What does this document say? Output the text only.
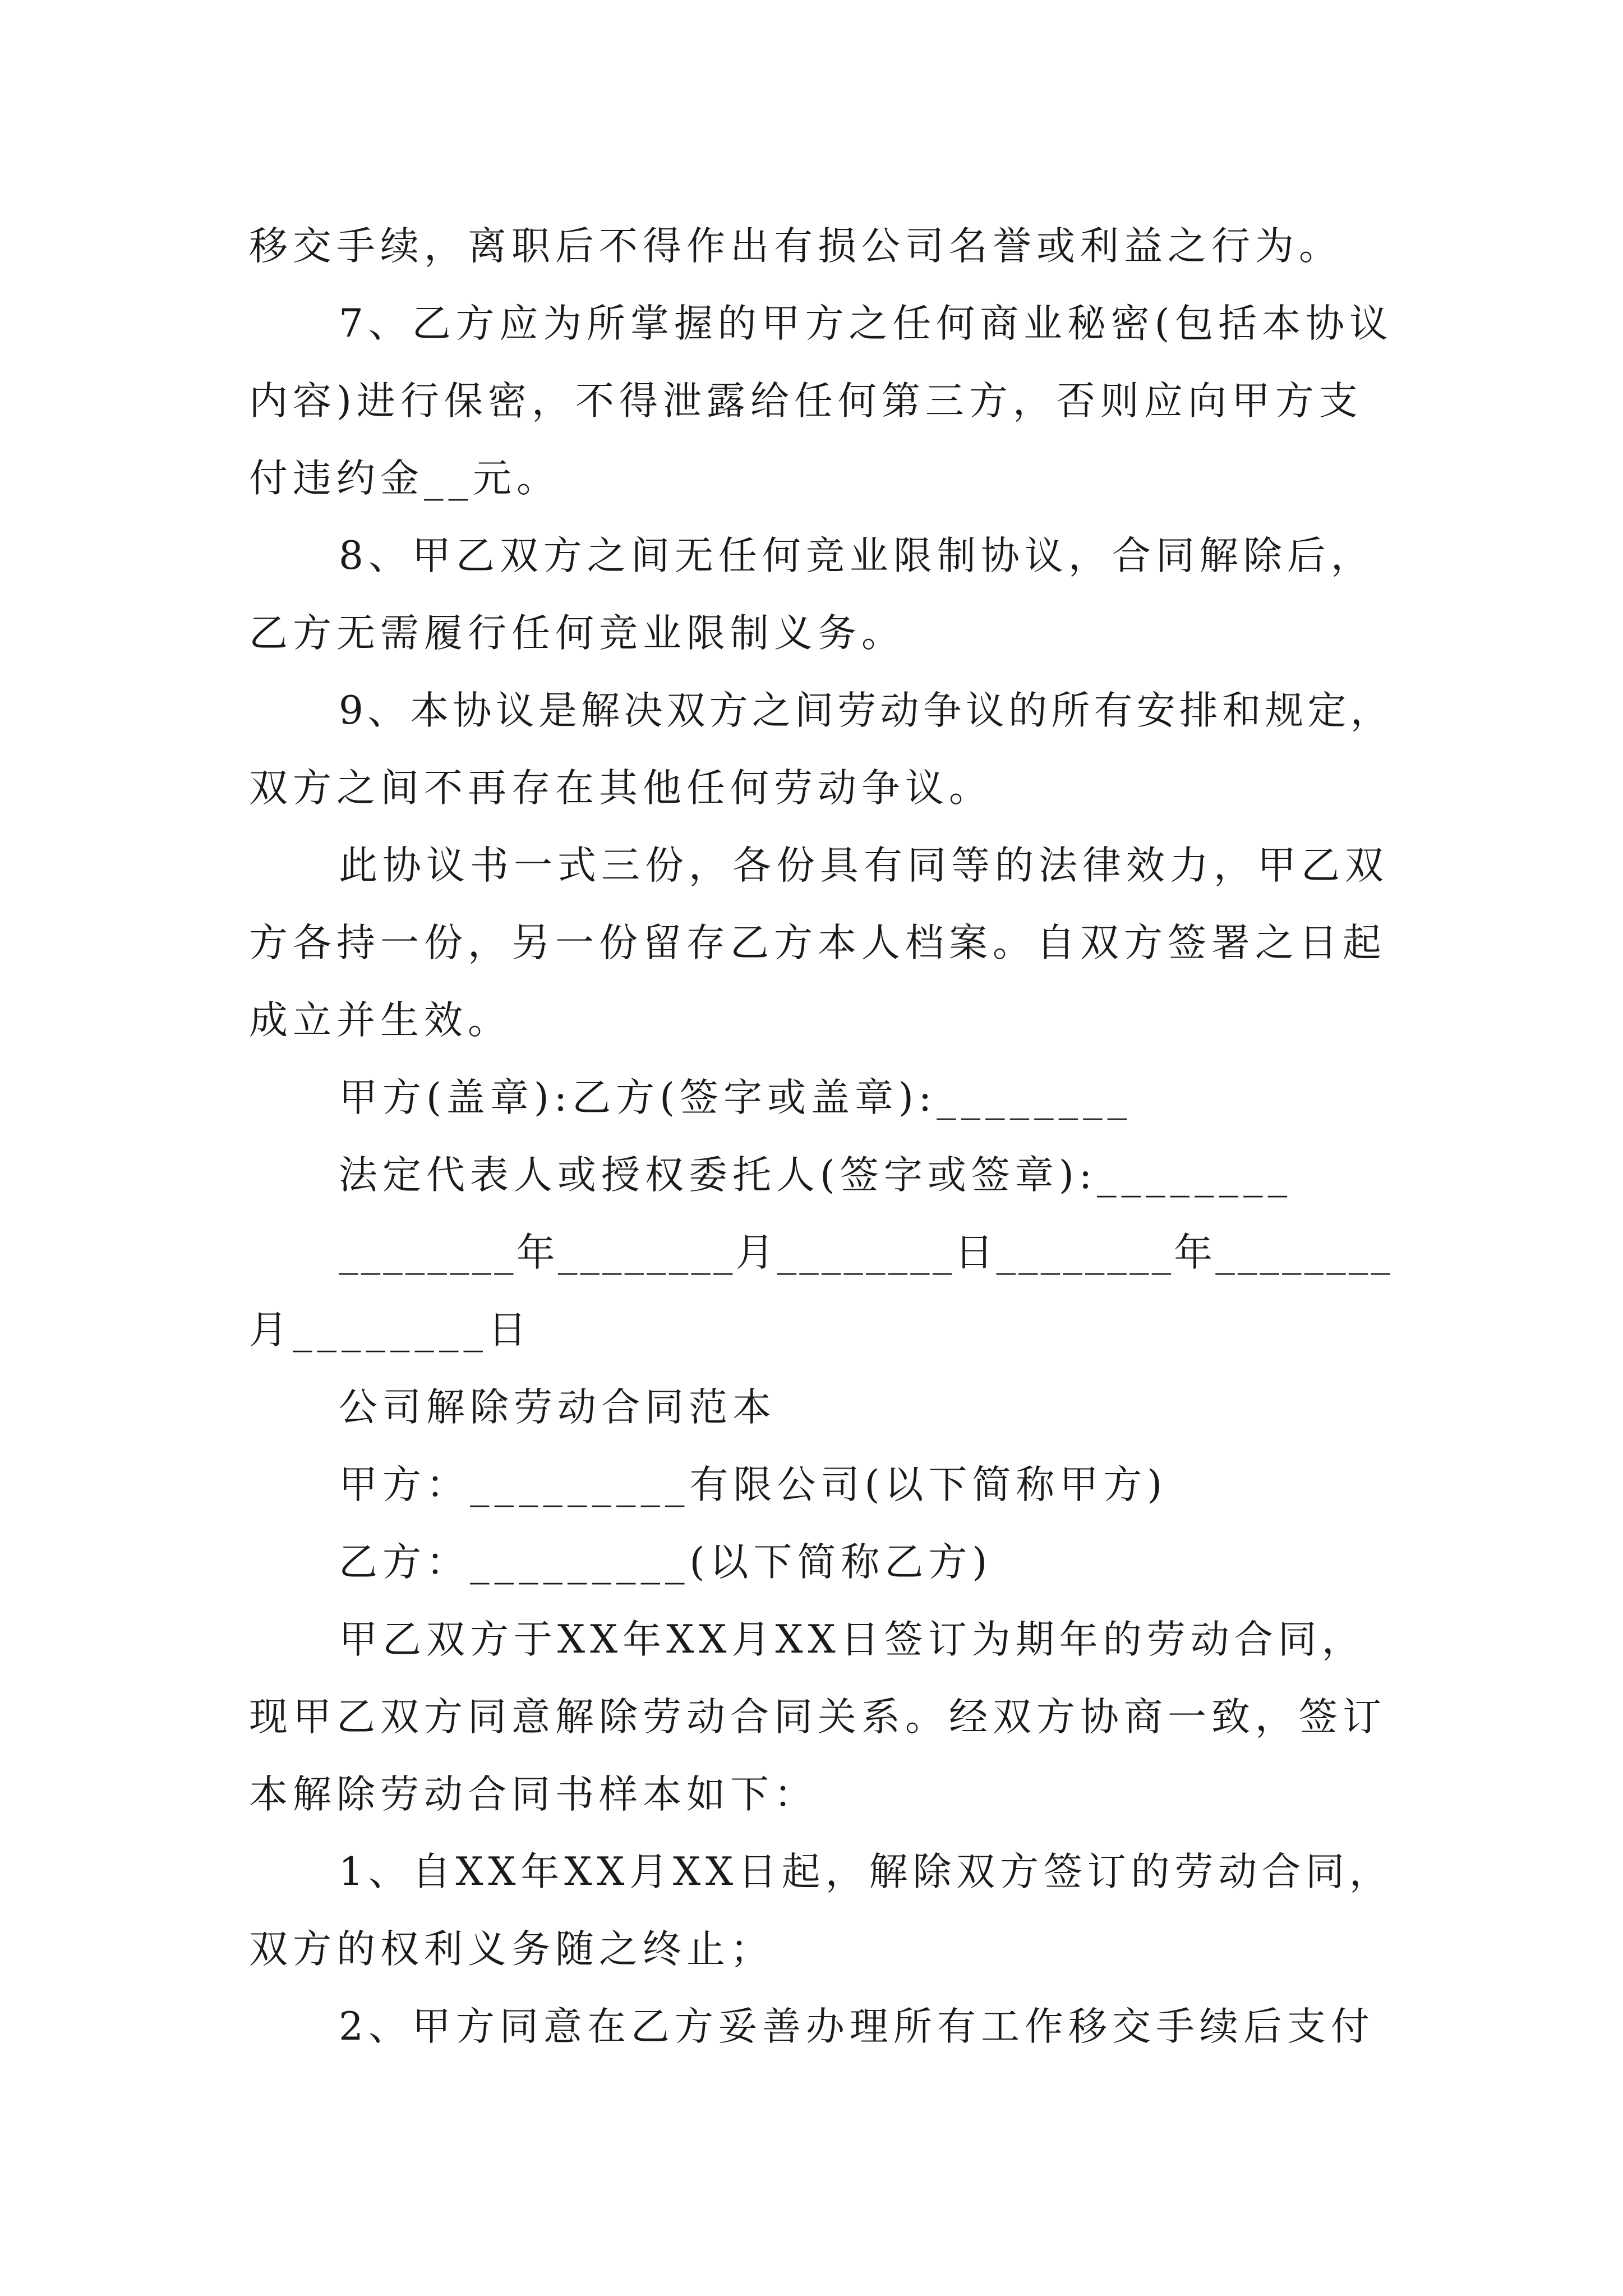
移交手续，离职后不得作出有损公司名誉或利益之行为。
7、乙方应为所掌握的甲方之任何商业秘密(包括本协议
内容)进行保密，不得泄露给任何第三方，否则应向甲方支
付违约金__元。
8、甲乙双方之间无任何竞业限制协议，合同解除后，
乙方无需履行任何竞业限制义务。
9、本协议是解决双方之间劳动争议的所有安排和规定，
双方之间不再存在其他任何劳动争议。
此协议书一式三份，各份具有同等的法律效力，甲乙双
方各持一份，另一份留存乙方本人档案。自双方签署之日起
成立并生效。
甲方(盖章):乙方(签字或盖章):________
法定代表人或授权委托人(签字或签章):________
________年________月________日________年________
月________日
公司解除劳动合同范本
甲方：_________有限公司(以下简称甲方)
乙方：_________(以下简称乙方)
甲乙双方于XX年XX月XX日签订为期年的劳动合同，
现甲乙双方同意解除劳动合同关系。经双方协商一致，签订
本解除劳动合同书样本如下：
1、自XX年XX月XX日起，解除双方签订的劳动合同，
双方的权利义务随之终止；
2、甲方同意在乙方妥善办理所有工作移交手续后支付
